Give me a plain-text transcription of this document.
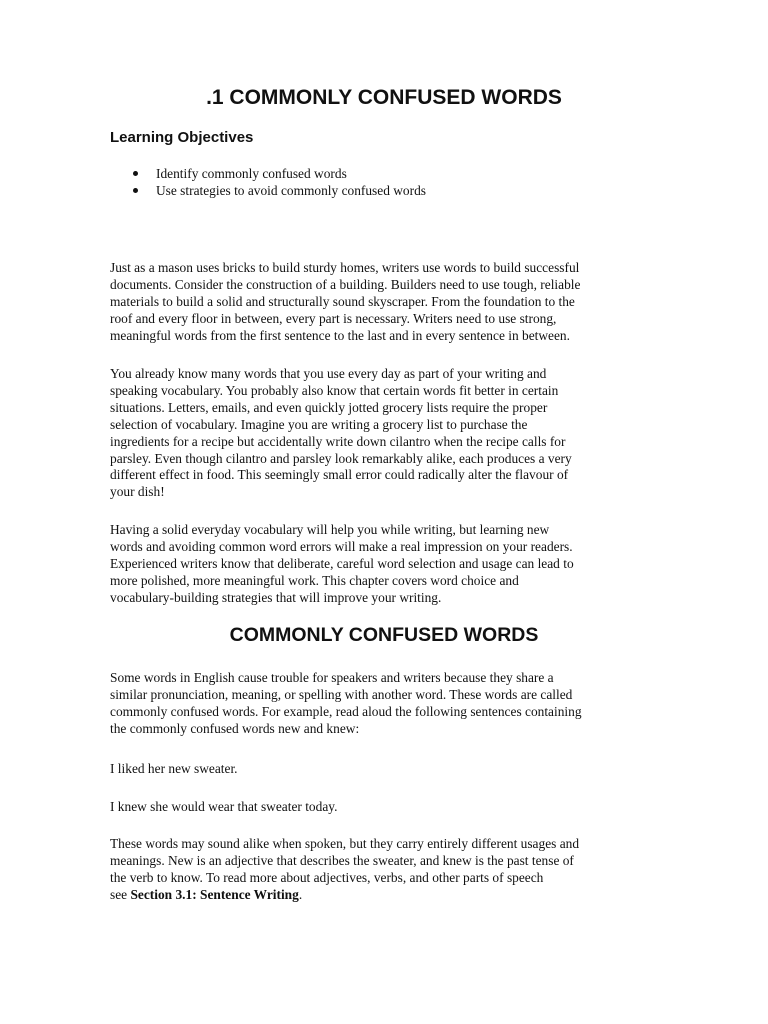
.1 COMMONLY CONFUSED WORDS
Learning Objectives
Identify commonly confused words
Use strategies to avoid commonly confused words

Just as a mason uses bricks to build sturdy homes, writers use words to build successful
documents. Consider the construction of a building. Builders need to use tough, reliable
materials to build a solid and structurally sound skyscraper. From the foundation to the
roof and every floor in between, every part is necessary. Writers need to use strong,
meaningful words from the first sentence to the last and in every sentence in between.

You already know many words that you use every day as part of your writing and
speaking vocabulary. You probably also know that certain words fit better in certain
situations. Letters, emails, and even quickly jotted grocery lists require the proper
selection of vocabulary. Imagine you are writing a grocery list to purchase the
ingredients for a recipe but accidentally write down cilantro when the recipe calls for
parsley. Even though cilantro and parsley look remarkably alike, each produces a very
different effect in food. This seemingly small error could radically alter the flavour of
your dish!

Having a solid everyday vocabulary will help you while writing, but learning new
words and avoiding common word errors will make a real impression on your readers.
Experienced writers know that deliberate, careful word selection and usage can lead to
more polished, more meaningful work. This chapter covers word choice and
vocabulary-building strategies that will improve your writing.

COMMONLY CONFUSED WORDS

Some words in English cause trouble for speakers and writers because they share a
similar pronunciation, meaning, or spelling with another word. These words are called
commonly confused words. For example, read aloud the following sentences containing
the commonly confused words new and knew:

I liked her new sweater.

I knew she would wear that sweater today.

These words may sound alike when spoken, but they carry entirely different usages and
meanings. New is an adjective that describes the sweater, and knew is the past tense of
the verb to know. To read more about adjectives, verbs, and other parts of speech
see Section 3.1: Sentence Writing.
